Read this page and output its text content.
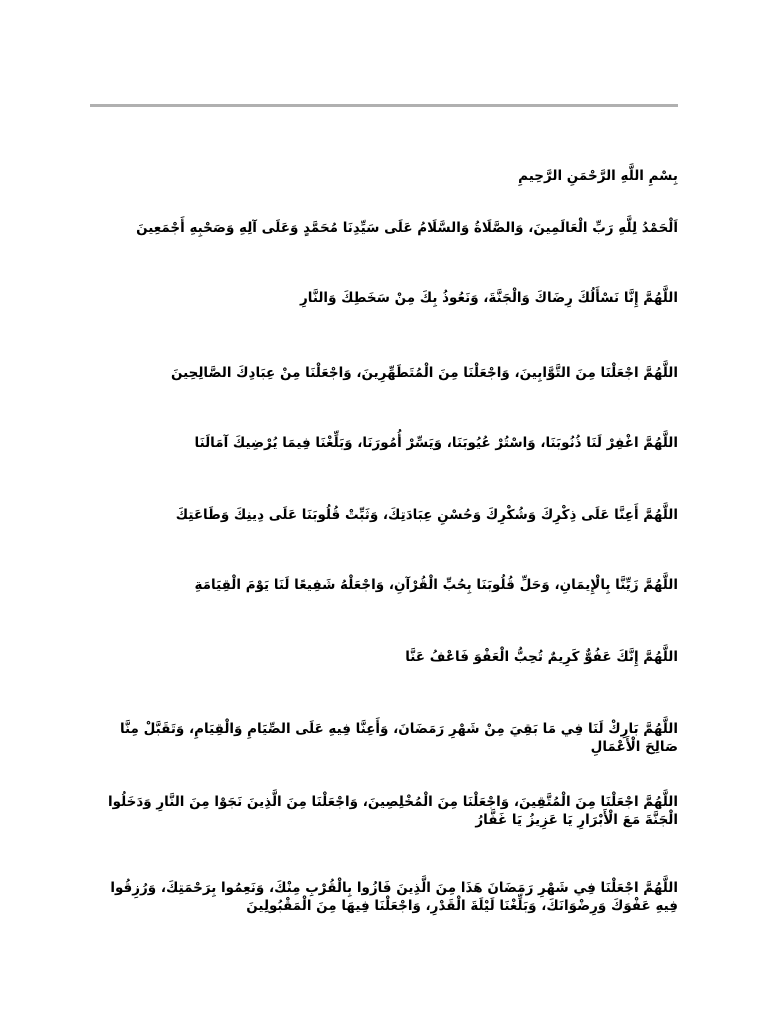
بِسْمِ اللَّهِ الرَّحْمَنِ الرَّحِيمِ
اَلْحَمْدُ لِلَّهِ رَبِّ الْعَالَمِينَ، وَالصَّلَاةُ وَالسَّلَامُ عَلَى سَيِّدِنَا مُحَمَّدٍ وَعَلَى آلِهِ وَصَحْبِهِ أَجْمَعِينَ
اللَّهُمَّ إِنَّا نَسْأَلُكَ رِضَاكَ وَالْجَنَّةَ، وَنَعُوذُ بِكَ مِنْ سَخَطِكَ وَالنَّارِ
اللَّهُمَّ اجْعَلْنَا مِنَ التَّوَّابِينَ، وَاجْعَلْنَا مِنَ الْمُتَطَهِّرِينَ، وَاجْعَلْنَا مِنْ عِبَادِكَ الصَّالِحِينَ
اللَّهُمَّ اغْفِرْ لَنَا ذُنُوبَنَا، وَاسْتُرْ عُيُوبَنَا، وَيَسِّرْ أُمُورَنَا، وَبَلِّغْنَا فِيمَا يُرْضِيكَ آمَالَنَا
اللَّهُمَّ أَعِنَّا عَلَى ذِكْرِكَ وَشُكْرِكَ وَحُسْنِ عِبَادَتِكَ، وَثَبِّتْ قُلُوبَنَا عَلَى دِينِكَ وَطَاعَتِكَ
اللَّهُمَّ زَيِّنَّا بِالْإِيمَانِ، وَحَلِّ قُلُوبَنَا بِحُبِّ الْقُرْآنِ، وَاجْعَلْهُ شَفِيعًا لَنَا يَوْمَ الْقِيَامَةِ
اللَّهُمَّ إِنَّكَ عَفُوٌّ كَرِيمٌ تُحِبُّ الْعَفْوَ فَاعْفُ عَنَّا
اللَّهُمَّ بَارِكْ لَنَا فِي مَا بَقِيَ مِنْ شَهْرِ رَمَضَانَ، وَأَعِنَّا فِيهِ عَلَى الصِّيَامِ وَالْقِيَامِ، وَتَقَبَّلْ مِنَّا صَالِحَ الْأَعْمَالِ
اللَّهُمَّ اجْعَلْنَا مِنَ الْمُتَّقِينَ، وَاجْعَلْنَا مِنَ الْمُخْلِصِينَ، وَاجْعَلْنَا مِنَ الَّذِينَ نَجَوْا مِنَ النَّارِ وَدَخَلُوا الْجَنَّةَ مَعَ الْأَبْرَارِ يَا عَزِيزُ يَا غَفَّارُ
اللَّهُمَّ اجْعَلْنَا فِي شَهْرِ رَمَضَانَ هَذَا مِنَ الَّذِينَ فَازُوا بِالْقُرْبِ مِنْكَ، وَنَعِمُوا بِرَحْمَتِكَ، وَرُزِقُوا فِيهِ عَفْوَكَ وَرِضْوَانَكَ، وَبَلِّغْنَا لَيْلَةَ الْقَدْرِ، وَاجْعَلْنَا فِيهَا مِنَ الْمَقْبُولِينَ
